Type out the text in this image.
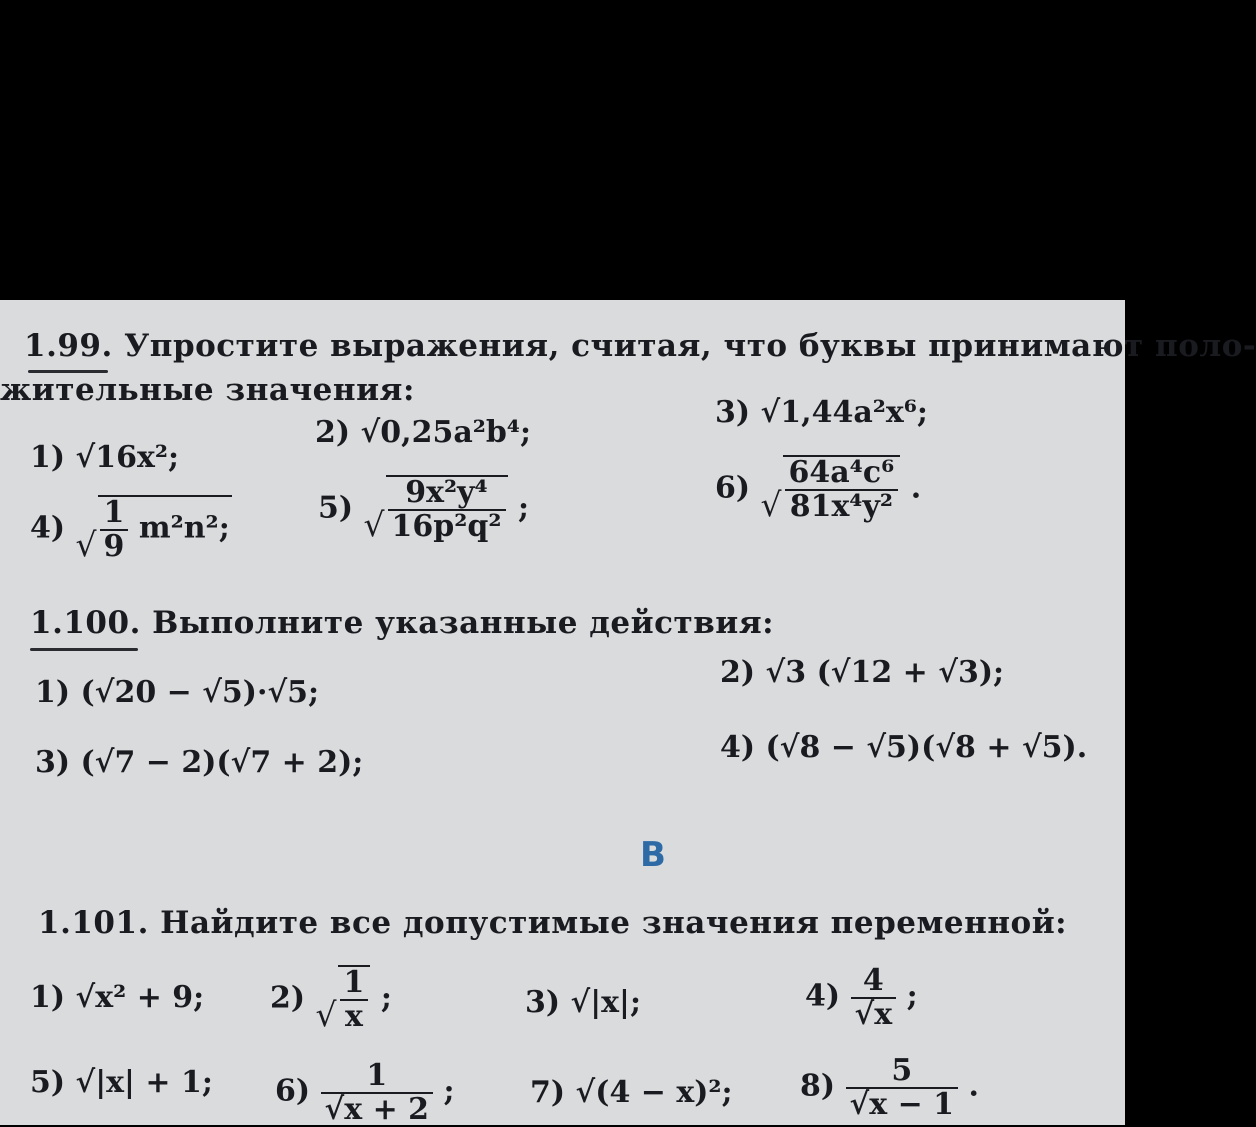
1.99. Упростите выражения, считая, что буквы принимают поло-
жительные значения:
1) √16x²;
2) √0,25a²b⁴;
3) √1,44a²x⁶;
4) √ $\frac{1}{9} m^2n^2$;
5) √ $\frac{\text{9x²y⁴}}{\text{16p²q²}}$ ;
6) √ $\frac{\text{64a⁴c⁶}}{\text{81x⁴y²}}$ .
1.100. Выполните указанные действия:
1) (√20 − √5)·√5;
2) √3 (√12 + √3);
3) (√7 − 2)(√7 + 2);	4) (√8 − √5)(√8 + √5).
B
1.101. Найдите все допустимые значения переменной:
1) √x² + 9; 2) √ $\frac{1}{x}$ ;	3) √|x|;	$4) \frac{4}{√x}$ ;
5) √|x| + 1; $6) \frac{1}{√x + 2}$ ;	7) √(4 − x)²; $8) \frac{5}{√x - 1}$ .
